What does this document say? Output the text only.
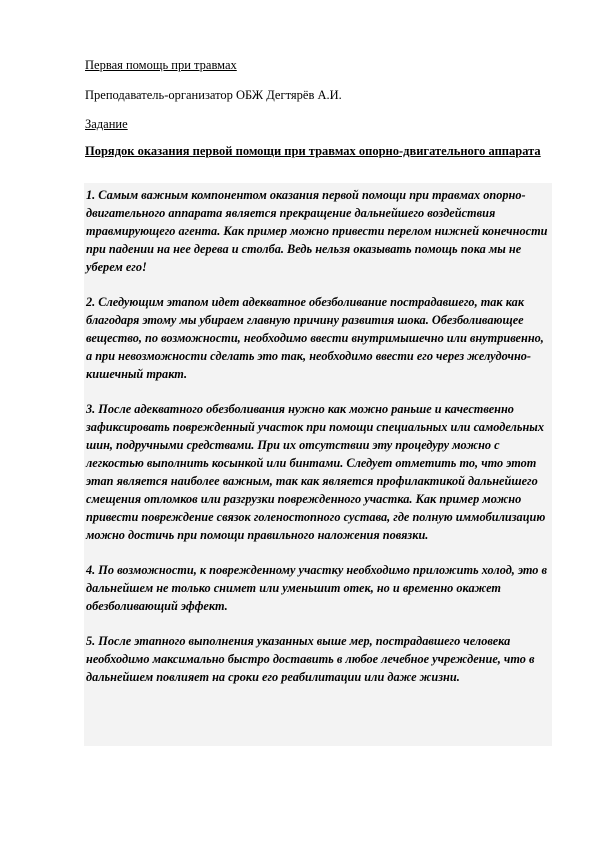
Первая помощь при травмах
Преподаватель-организатор ОБЖ Дегтярёв А.И.
Задание
Порядок оказания первой помощи при травмах опорно-двигательного аппарата

1. Самым важным компонентом оказания первой помощи при травмах опорно-двигательного аппарата является прекращение дальнейшего воздействия травмирующего агента. Как пример можно привести перелом нижней конечности при падении на нее дерева и столба. Ведь нельзя оказывать помощь пока мы не уберем его!

2. Следующим этапом идет адекватное обезболивание пострадавшего, так как благодаря этому мы убираем главную причину развития шока. Обезболивающее вещество, по возможности, необходимо ввести внутримышечно или внутривенно, а при невозможности сделать это так, необходимо ввести его через желудочно-кишечный тракт.

3. После адекватного обезболивания нужно как можно раньше и качественно зафиксировать поврежденный участок при помощи специальных или самодельных шин, подручными средствами. При их отсутствии эту процедуру можно с легкостью выполнить косынкой или бинтами. Следует отметить то, что этот этап является наиболее важным, так как является профилактикой дальнейшего смещения отломков или разгрузки поврежденного участка. Как пример можно привести повреждение связок голеностопного сустава, где полную иммобилизацию можно достичь при помощи правильного наложения повязки.

4. По возможности, к поврежденному участку необходимо приложить холод, это в дальнейшем не только снимет или уменьшит отек, но и временно окажет обезболивающий эффект.

5. После этапного выполнения указанных выше мер, пострадавшего человека необходимо максимально быстро доставить в любое лечебное учреждение, что в дальнейшем повлияет на сроки его реабилитации или даже жизни.
